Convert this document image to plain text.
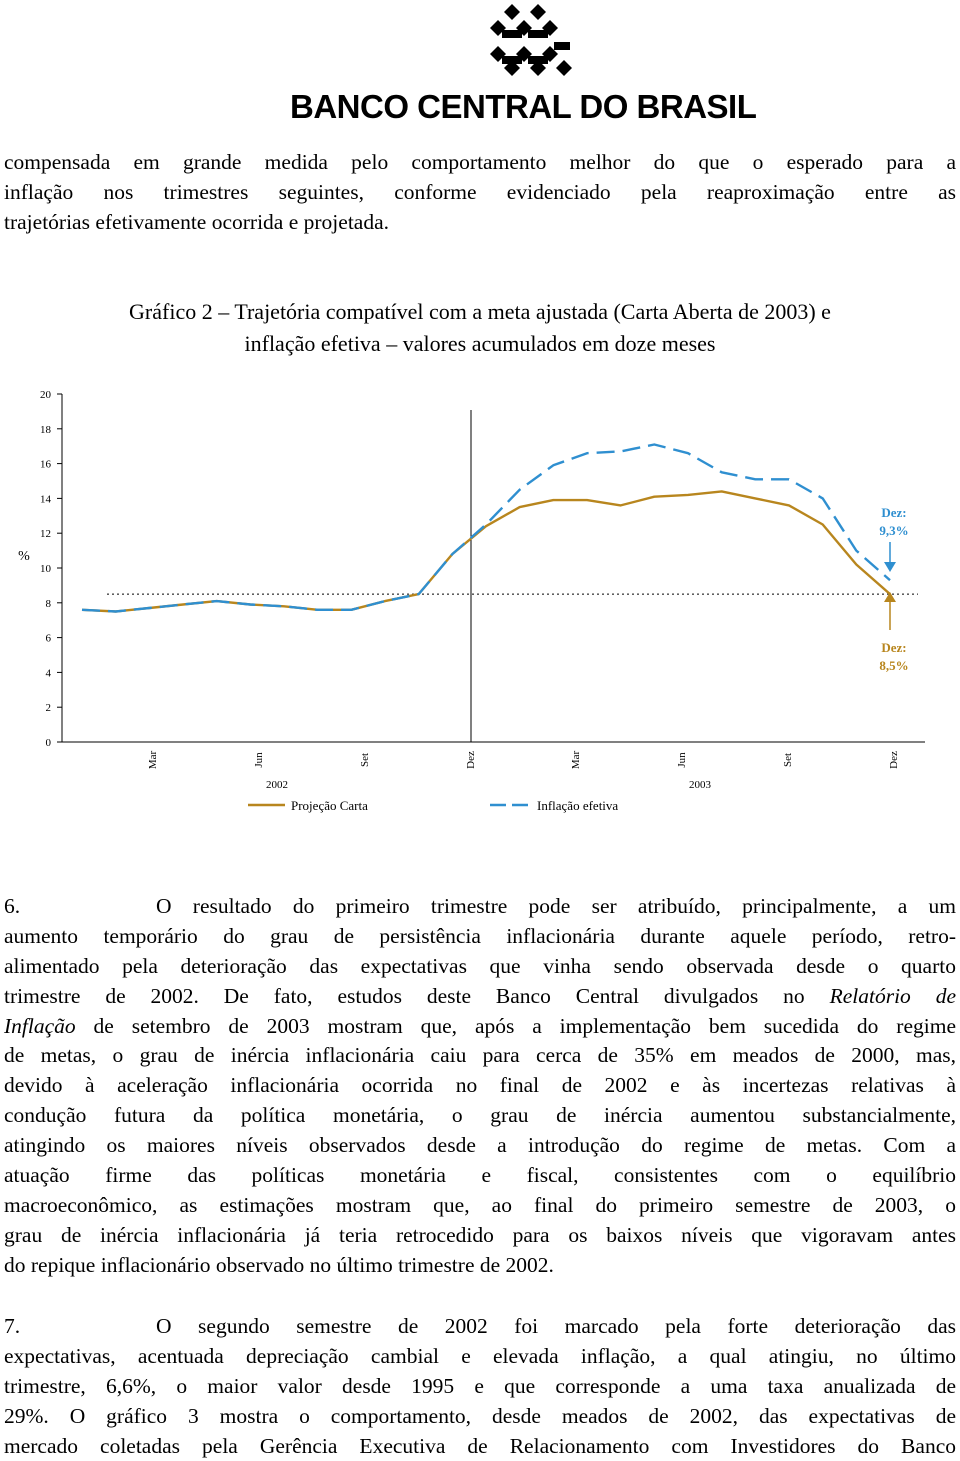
BANCO CENTRAL DO BRASIL
compensada em grande medida pelo comportamento melhor do que o esperado para a
inflação nos trimestres seguintes, conforme evidenciado pela reaproximação entre as
trajetórias efetivamente ocorrida e projetada.
Gráfico 2 – Trajetória compatível com a meta ajustada (Carta Aberta de 2003) e
inflação efetiva – valores acumulados em doze meses
0
2
4
6
8
10
12
14
16
18
20
%
Mar	Jun	Set	Dez	Mar	Jun	Set	Dez
2002	2003
Dez:
9,3%
Dez:
8,5%
Projeção Carta	Inflação efetiva
6.	O resultado do primeiro trimestre pode ser atribuído, principalmente, a um
aumento temporário do grau de persistência inflacionária durante aquele período, retro-
alimentado pela deterioração das expectativas que vinha sendo observada desde o quarto
trimestre de 2002. De fato, estudos deste Banco Central divulgados no Relatório de
Inflação de setembro de 2003 mostram que, após a implementação bem sucedida do regime
de metas, o grau de inércia inflacionária caiu para cerca de 35% em meados de 2000, mas,
devido à aceleração inflacionária ocorrida no final de 2002 e às incertezas relativas à
condução futura da política monetária, o grau de inércia aumentou substancialmente,
atingindo os maiores níveis observados desde a introdução do regime de metas. Com a
atuação firme das políticas monetária e fiscal, consistentes com o equilíbrio
macroeconômico, as estimações mostram que, ao final do primeiro semestre de 2003, o
grau de inércia inflacionária já teria retrocedido para os baixos níveis que vigoravam antes
do repique inflacionário observado no último trimestre de 2002.
7.	O segundo semestre de 2002 foi marcado pela forte deterioração das
expectativas, acentuada depreciação cambial e elevada inflação, a qual atingiu, no último
trimestre, 6,6%, o maior valor desde 1995 e que corresponde a uma taxa anualizada de
29%. O gráfico 3 mostra o comportamento, desde meados de 2002, das expectativas de
mercado coletadas pela Gerência Executiva de Relacionamento com Investidores do Banco
